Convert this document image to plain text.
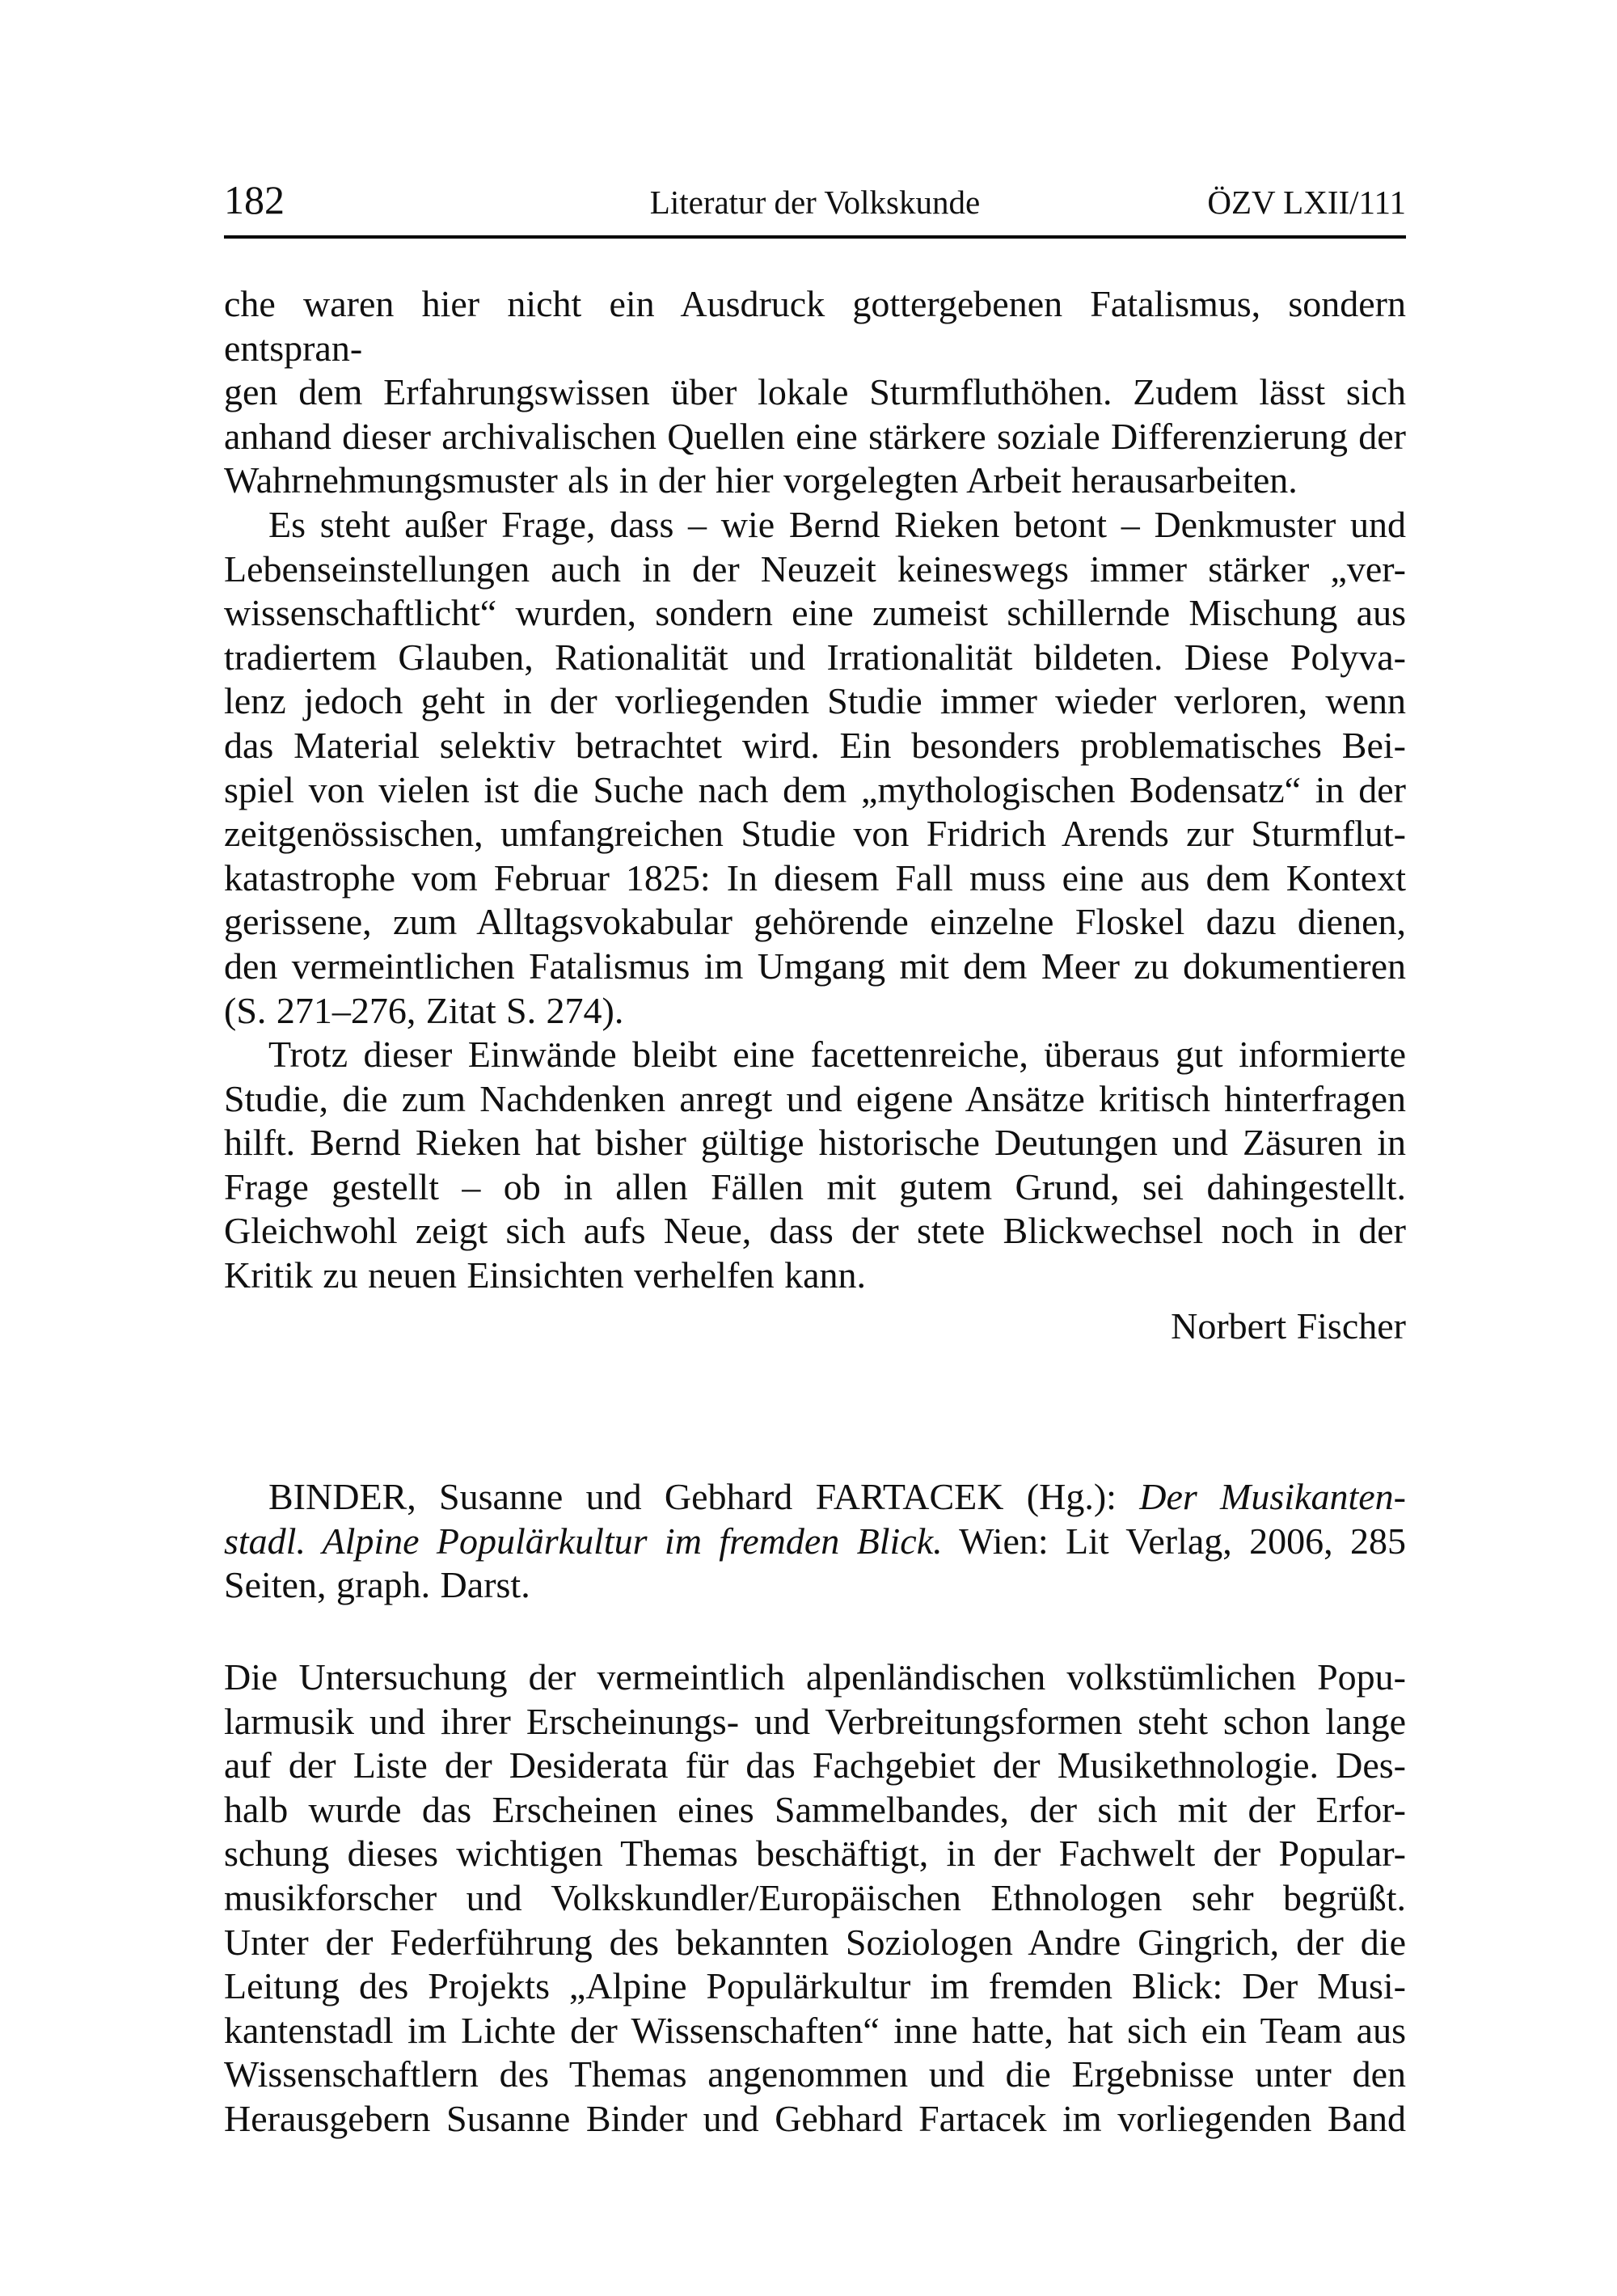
182	Literatur der Volkskunde	ÖZV LXII/111
che waren hier nicht ein Ausdruck gottergebenen Fatalismus, sondern entspran-
gen dem Erfahrungswissen über lokale Sturmfluthöhen. Zudem lässt sich
anhand dieser archivalischen Quellen eine stärkere soziale Differenzierung der
Wahrnehmungsmuster als in der hier vorgelegten Arbeit herausarbeiten.
Es steht außer Frage, dass – wie Bernd Rieken betont – Denkmuster und
Lebenseinstellungen auch in der Neuzeit keineswegs immer stärker „ver-
wissenschaftlicht“ wurden, sondern eine zumeist schillernde Mischung aus
tradiertem Glauben, Rationalität und Irrationalität bildeten. Diese Polyva-
lenz jedoch geht in der vorliegenden Studie immer wieder verloren, wenn
das Material selektiv betrachtet wird. Ein besonders problematisches Bei-
spiel von vielen ist die Suche nach dem „mythologischen Bodensatz“ in der
zeitgenössischen, umfangreichen Studie von Fridrich Arends zur Sturmflut-
katastrophe vom Februar 1825: In diesem Fall muss eine aus dem Kontext
gerissene, zum Alltagsvokabular gehörende einzelne Floskel dazu dienen,
den vermeintlichen Fatalismus im Umgang mit dem Meer zu dokumentieren
(S. 271–276, Zitat S. 274).
Trotz dieser Einwände bleibt eine facettenreiche, überaus gut informierte
Studie, die zum Nachdenken anregt und eigene Ansätze kritisch hinterfragen
hilft. Bernd Rieken hat bisher gültige historische Deutungen und Zäsuren in
Frage gestellt – ob in allen Fällen mit gutem Grund, sei dahingestellt.
Gleichwohl zeigt sich aufs Neue, dass der stete Blickwechsel noch in der
Kritik zu neuen Einsichten verhelfen kann.
Norbert Fischer
BINDER, Susanne und Gebhard FARTACEK (Hg.): Der Musikanten-
stadl. Alpine Populärkultur im fremden Blick. Wien: Lit Verlag, 2006, 285
Seiten, graph. Darst.
Die Untersuchung der vermeintlich alpenländischen volkstümlichen Popu-
larmusik und ihrer Erscheinungs- und Verbreitungsformen steht schon lange
auf der Liste der Desiderata für das Fachgebiet der Musikethnologie. Des-
halb wurde das Erscheinen eines Sammelbandes, der sich mit der Erfor-
schung dieses wichtigen Themas beschäftigt, in der Fachwelt der Popular-
musikforscher und Volkskundler/Europäischen Ethnologen sehr begrüßt.
Unter der Federführung des bekannten Soziologen Andre Gingrich, der die
Leitung des Projekts „Alpine Populärkultur im fremden Blick: Der Musi-
kantenstadl im Lichte der Wissenschaften“ inne hatte, hat sich ein Team aus
Wissenschaftlern des Themas angenommen und die Ergebnisse unter den
Herausgebern Susanne Binder und Gebhard Fartacek im vorliegenden Band
